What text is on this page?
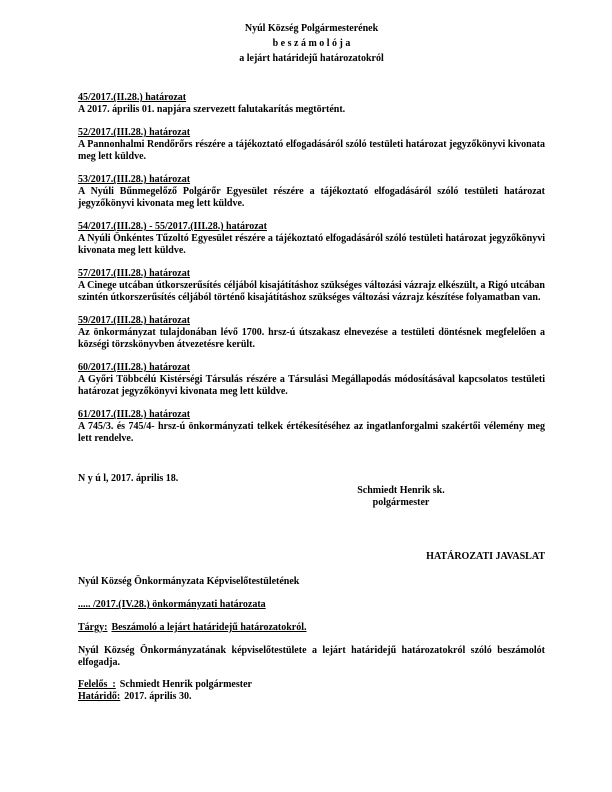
Nyúl Község Polgármesterének
b e s z á m o l ó j a
a lejárt határidejű határozatokról
45/2017.(II.28.) határozat
A 2017. április 01. napjára szervezett falutakarítás megtörtént.
52/2017.(III.28.) határozat
A Pannonhalmi Rendőrőrs részére a tájékoztató elfogadásáról szóló testületi határozat jegyzőkönyvi kivonata meg lett küldve.
53/2017.(III.28.) határozat
A Nyúli Bűnmegelőző Polgárőr Egyesület részére a tájékoztató elfogadásáról szóló testületi határozat jegyzőkönyvi kivonata meg lett küldve.
54/2017.(III.28.) - 55/2017.(III.28.) határozat
A Nyúli Önkéntes Tűzoltó Egyesület részére a tájékoztató elfogadásáról szóló testületi határozat jegyzőkönyvi kivonata meg lett küldve.
57/2017.(III.28.) határozat
A Cinege utcában útkorszerűsítés céljából kisajátításhoz szükséges változási vázrajz elkészült, a Rigó utcában szintén útkorszerűsítés céljából történő kisajátításhoz szükséges változási vázrajz készítése folyamatban van.
59/2017.(III.28.) határozat
Az önkormányzat tulajdonában lévő 1700. hrsz-ú útszakasz elnevezése a testületi döntésnek megfelelően a községi törzskönyvben átvezetésre került.
60/2017.(III.28.) határozat
A Győri Többcélú Kistérségi Társulás részére a Társulási Megállapodás módosításával kapcsolatos testületi határozat jegyzőkönyvi kivonata meg lett küldve.
61/2017.(III.28.) határozat
A 745/3. és 745/4- hrsz-ú önkormányzati telkek értékesítéséhez az ingatlanforgalmi szakértői vélemény meg lett rendelve.
N y ú l, 2017. április 18.
Schmiedt Henrik sk.
polgármester
HATÁROZATI JAVASLAT
Nyúl Község Önkormányzata Képviselőtestületének
..... /2017.(IV.28.) önkormányzati határozata
Tárgy: Beszámoló a lejárt határidejű határozatokról.
Nyúl Község Önkormányzatának képviselőtestülete a lejárt határidejű határozatokról szóló beszámolót elfogadja.
Felelős  : Schmiedt Henrik polgármester
Határidő: 2017. április 30.
